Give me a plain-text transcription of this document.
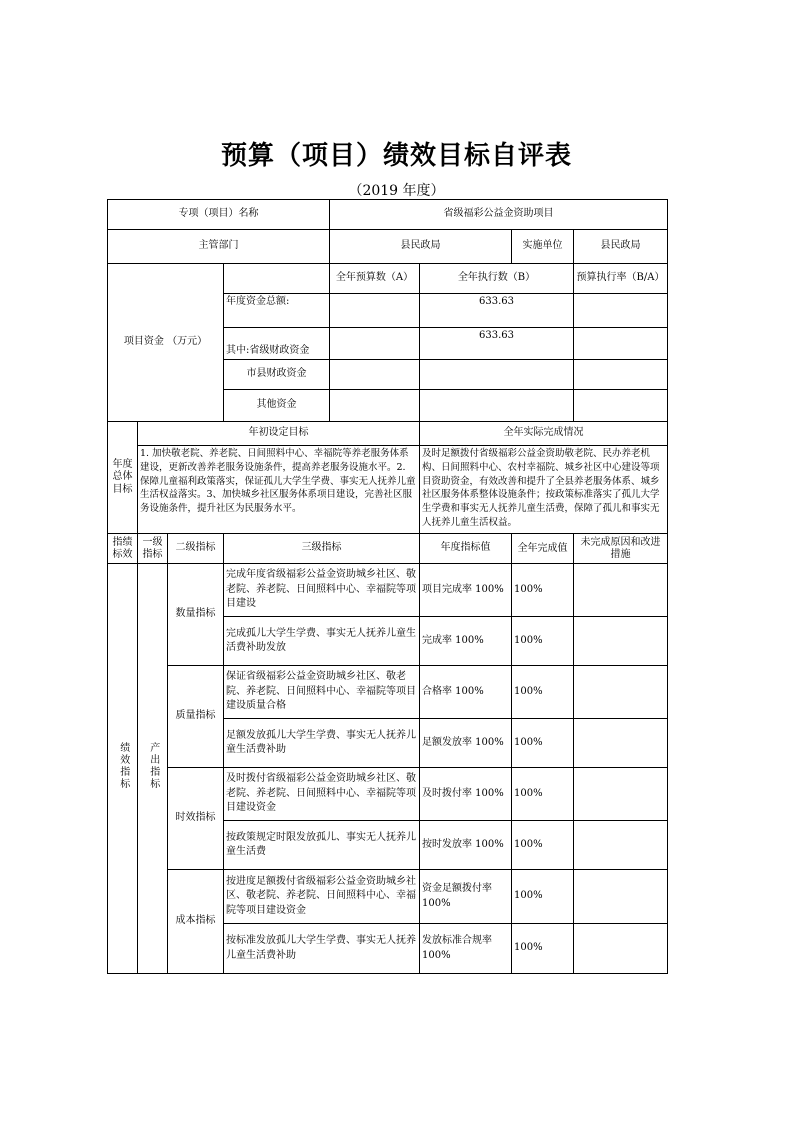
预算（项目）绩效目标自评表
（2019 年度）
专项（项目）名称				省级福彩公益金资助项目			
主管部门				县民政局		实施单位	县民政局
项目资金 （万元）				全年预算数（A）	全年执行数（B）		预算执行率（B/A）
			年度资金总额:		633.63		
			其中:省级财政资金		633.63		
			市县财政资金				
			其他资金				
年度总体目标	年初设定目标				全年实际完成情况		
	1. 加快敬老院、养老院、日间照料中心、幸福院等养老服务体系建设，更新改善养老服务设施条件，提高养老服务设施水平。2. 保障儿童福利政策落实，保证孤儿大学生学费、事实无人抚养儿童生活权益落实。3、加快城乡社区服务体系项目建设，完善社区服务设施条件，提升社区为民服务水平。				及时足额拨付省级福彩公益金资助敬老院、民办养老机构、日间照料中心、农村幸福院、城乡社区中心建设等项目资助资金，有效改善和提升了全县养老服务体系、城乡社区服务体系整体设施条件；按政策标准落实了孤儿大学生学费和事实无人抚养儿童生活费，保障了孤儿和事实无人抚养儿童生活权益。		
指绩标效	一级指标	二级指标	三级指标		年度指标值	全年完成值	未完成原因和改进措施
绩效指标	产出指标	数量指标	完成年度省级福彩公益金资助城乡社区、敬老院、养老院、日间照料中心、幸福院等项目建设		项目完成率 100%	100%	
			完成孤儿大学生学费、事实无人抚养儿童生活费补助发放		完成率 100%	100%	
		质量指标	保证省级福彩公益金资助城乡社区、敬老院、养老院、日间照料中心、幸福院等项目建设质量合格		合格率 100%	100%	
			足额发放孤儿大学生学费、事实无人抚养儿童生活费补助		足额发放率 100%	100%	
		时效指标	及时拨付省级福彩公益金资助城乡社区、敬老院、养老院、日间照料中心、幸福院等项目建设资金		及时拨付率 100%	100%	
			按政策规定时限发放孤儿、事实无人抚养儿童生活费		按时发放率 100%	100%	
		成本指标	按进度足额拨付省级福彩公益金资助城乡社区、敬老院、养老院、日间照料中心、幸福院等项目建设资金		资金足额拨付率 100%	100%	
			按标准发放孤儿大学生学费、事实无人抚养儿童生活费补助		发放标准合规率 100%	100%	
